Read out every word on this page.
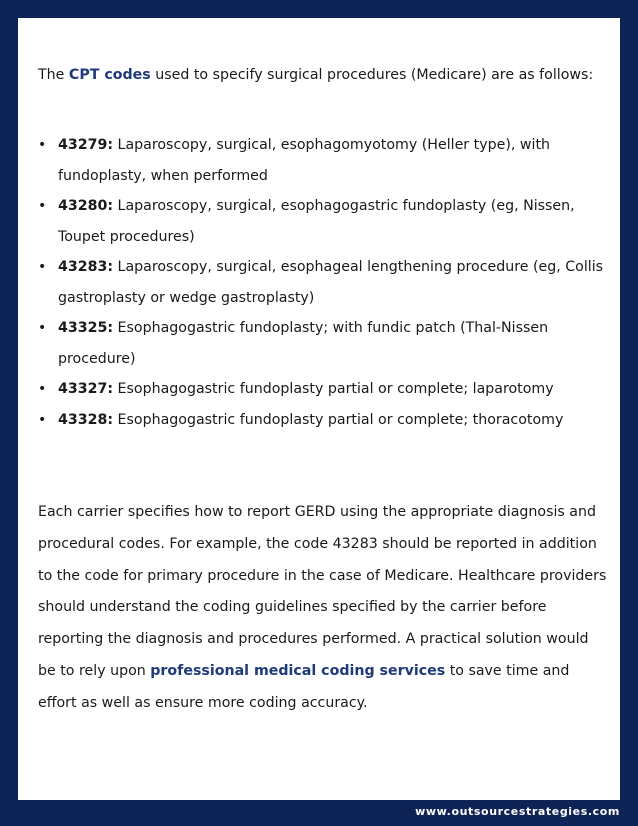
The CPT codes used to specify surgical procedures (Medicare) are as follows:

• 43279: Laparoscopy, surgical, esophagomyotomy (Heller type), with
fundoplasty, when performed
• 43280: Laparoscopy, surgical, esophagogastric fundoplasty (eg, Nissen,
Toupet procedures)
• 43283: Laparoscopy, surgical, esophageal lengthening procedure (eg, Collis
gastroplasty or wedge gastroplasty)
• 43325: Esophagogastric fundoplasty; with fundic patch (Thal-Nissen
procedure)
• 43327: Esophagogastric fundoplasty partial or complete; laparotomy
• 43328: Esophagogastric fundoplasty partial or complete; thoracotomy

Each carrier specifies how to report GERD using the appropriate diagnosis and
procedural codes. For example, the code 43283 should be reported in addition
to the code for primary procedure in the case of Medicare. Healthcare providers
should understand the coding guidelines specified by the carrier before
reporting the diagnosis and procedures performed. A practical solution would
be to rely upon professional medical coding services to save time and
effort as well as ensure more coding accuracy.

www.outsourcestrategies.com
